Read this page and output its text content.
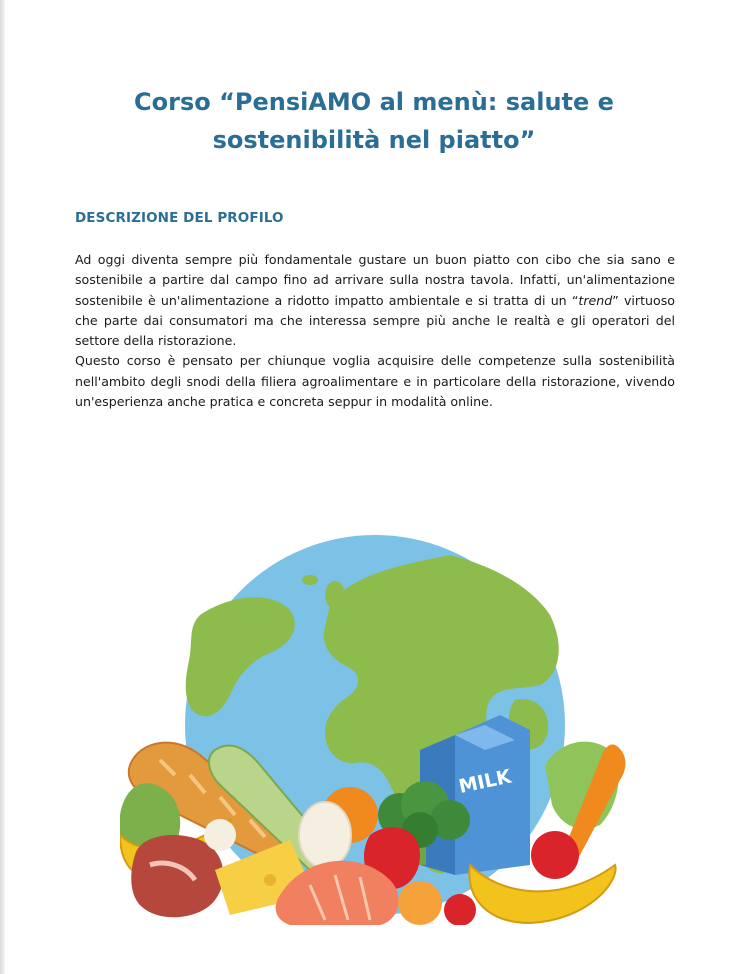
Corso “PensiAMO al menù: salute e
sostenibilità nel piatto”
DESCRIZIONE DEL PROFILO

Ad oggi diventa sempre più fondamentale gustare un buon piatto con cibo che sia sano e sostenibile a partire dal campo fino ad arrivare sulla nostra tavola. Infatti, un'alimentazione sostenibile è un'alimentazione a ridotto impatto ambientale e si tratta di un “trend” virtuoso che parte dai consumatori ma che interessa sempre più anche le realtà e gli operatori del settore della ristorazione.

Questo corso è pensato per chiunque voglia acquisire delle competenze sulla sostenibilità nell'ambito degli snodi della filiera agroalimentare e in particolare della ristorazione, vivendo un'esperienza anche pratica e concreta seppur in modalità online.

MILK
